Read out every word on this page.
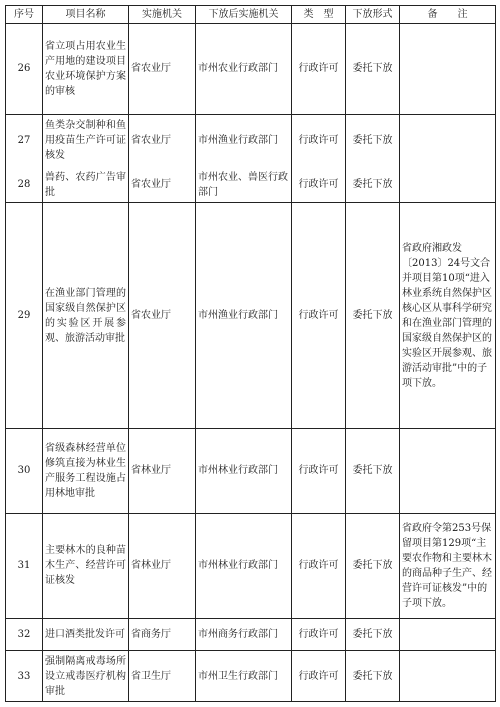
序号	项目名称	实施机关	下放后实施机关	类　型	下放形式	备　　注
26	省立项占用农业生产用地的建设项目农业环境保护方案的审核	省农业厅	市州农业行政部门	行政许可	委托下放	
27	鱼类杂交制种和鱼用疫苗生产许可证核发	省农业厅	市州渔业行政部门	行政许可	委托下放	
28	兽药、农药广告审批	省农业厅	市州农业、兽医行政部门	行政许可	委托下放	
29	在渔业部门管理的国家级自然保护区的实验区开展参观、旅游活动审批	省农业厅	市州渔业行政部门	行政许可	委托下放	省政府湘政发〔2013〕24号文合并项目第10项“进入林业系统自然保护区核心区从事科学研究和在渔业部门管理的国家级自然保护区的实验区开展参观、旅游活动审批”中的子项下放。
30	省级森林经营单位修筑直接为林业生产服务工程设施占用林地审批	省林业厅	市州林业行政部门	行政许可	委托下放	
31	主要林木的良种苗木生产、经营许可证核发	省林业厅	市州林业行政部门	行政许可	委托下放	省政府令第253号保留项目第129项“主要农作物和主要林木的商品种子生产、经营许可证核发”中的子项下放。
32	进口酒类批发许可	省商务厅	市州商务行政部门	行政许可	委托下放	
33	强制隔离戒毒场所设立戒毒医疗机构审批	省卫生厅	市州卫生行政部门	行政许可	委托下放	
